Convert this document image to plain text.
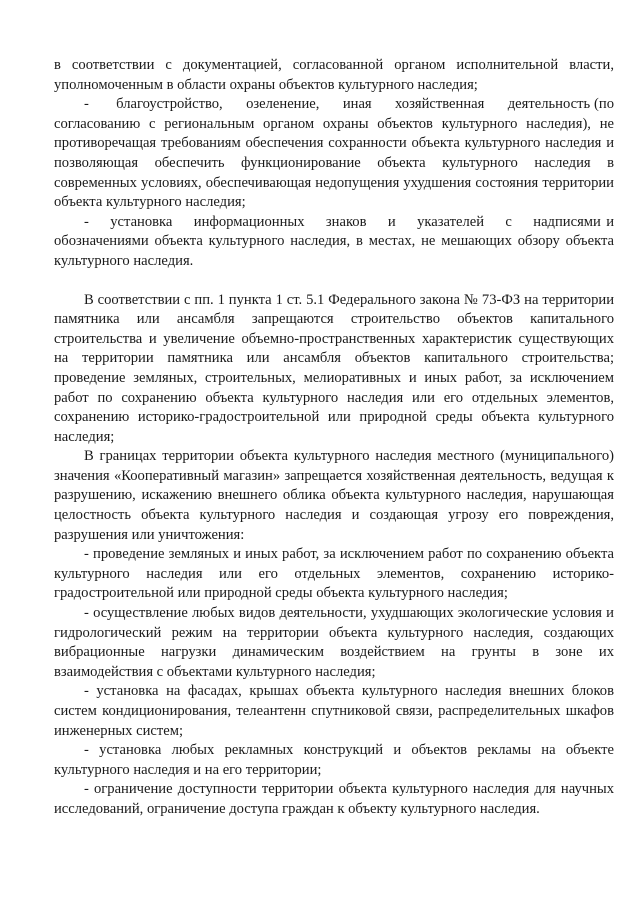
в соответствии с документацией, согласованной органом исполнительной власти, уполномоченным в области охраны объектов культурного наследия;

-       благоустройство,      озеленение,      иная      хозяйственная      деятельность (по согласованию с региональным органом охраны объектов культурного наследия), не противоречащая требованиям обеспечения сохранности объекта культурного наследия и позволяющая обеспечить функционирование объекта культурного наследия в современных условиях, обеспечивающая недопущения ухудшения состояния территории объекта культурного наследия;

-    установка    информационных    знаков    и    указателей    с    надписями и обозначениями объекта культурного наследия, в местах, не мешающих обзору объекта культурного наследия.

В соответствии с пп. 1 пункта 1 ст. 5.1 Федерального закона № 73-ФЗ на территории памятника или ансамбля запрещаются строительство объектов капитального строительства и увеличение объемно-пространственных характеристик существующих на территории памятника или ансамбля объектов капитального строительства; проведение земляных, строительных, мелиоративных и иных работ, за исключением работ по сохранению объекта культурного наследия или его отдельных элементов, сохранению историко-градостроительной или природной среды объекта культурного наследия;

В границах территории объекта культурного наследия местного (муниципального) значения «Кооперативный магазин» запрещается хозяйственная деятельность, ведущая к разрушению, искажению внешнего облика объекта культурного наследия, нарушающая целостность объекта культурного наследия и создающая угрозу его повреждения, разрушения или уничтожения:

- проведение земляных и иных работ, за исключением работ по сохранению объекта культурного наследия или его отдельных элементов, сохранению историко-градостроительной или природной среды объекта культурного наследия;

- осуществление любых видов деятельности, ухудшающих экологические условия и гидрологический режим на территории объекта культурного наследия, создающих вибрационные нагрузки динамическим воздействием на грунты в зоне их взаимодействия с объектами культурного наследия;

- установка на фасадах, крышах объекта культурного наследия внешних блоков систем кондиционирования, телеантенн спутниковой связи, распределительных шкафов инженерных систем;

- установка любых рекламных конструкций и объектов рекламы на объекте культурного наследия и на его территории;

- ограничение доступности территории объекта культурного наследия для научных исследований, ограничение доступа граждан к объекту культурного наследия.
